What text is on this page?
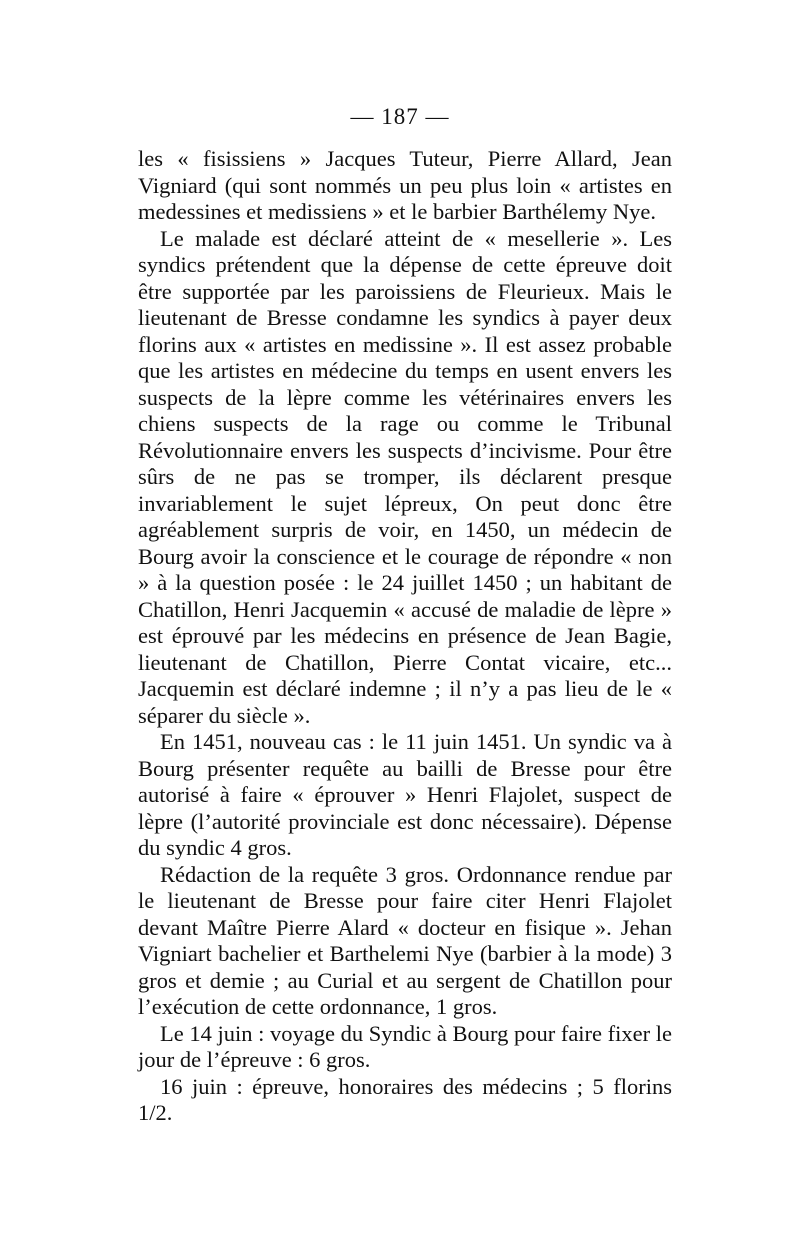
— 187 —

les « fisissiens » Jacques Tuteur, Pierre Allard, Jean Vigniard (qui sont nommés un peu plus loin « artistes en medessines et medissiens » et le barbier Barthélemy Nye.

Le malade est déclaré atteint de « mesellerie ». Les syndics prétendent que la dépense de cette épreuve doit être supportée par les paroissiens de Fleurieux. Mais le lieutenant de Bresse condamne les syndics à payer deux florins aux « artistes en medissine ». Il est assez probable que les artistes en médecine du temps en usent envers les suspects de la lèpre comme les vétérinaires envers les chiens suspects de la rage ou comme le Tribunal Révolutionnaire envers les suspects d’incivisme. Pour être sûrs de ne pas se tromper, ils déclarent presque invariablement le sujet lépreux, On peut donc être agréablement surpris de voir, en 1450, un médecin de Bourg avoir la conscience et le courage de répondre « non » à la question posée : le 24 juillet 1450 ; un habitant de Chatillon, Henri Jacquemin « accusé de maladie de lèpre » est éprouvé par les médecins en présence de Jean Bagie, lieutenant de Chatillon, Pierre Contat vicaire, etc... Jacquemin est déclaré indemne ; il n’y a pas lieu de le « séparer du siècle ».

En 1451, nouveau cas : le 11 juin 1451. Un syndic va à Bourg présenter requête au bailli de Bresse pour être autorisé à faire « éprouver » Henri Flajolet, suspect de lèpre (l’autorité provinciale est donc nécessaire). Dépense du syndic 4 gros.

Rédaction de la requête 3 gros. Ordonnance rendue par le lieutenant de Bresse pour faire citer Henri Flajolet devant Maître Pierre Alard « docteur en fisique ». Jehan Vigniart bachelier et Barthelemi Nye (barbier à la mode) 3 gros et demie ; au Curial et au sergent de Chatillon pour l’exécution de cette ordonnance, 1 gros.

Le 14 juin : voyage du Syndic à Bourg pour faire fixer le jour de l’épreuve : 6 gros.

16 juin : épreuve, honoraires des médecins ; 5 florins 1/2.
